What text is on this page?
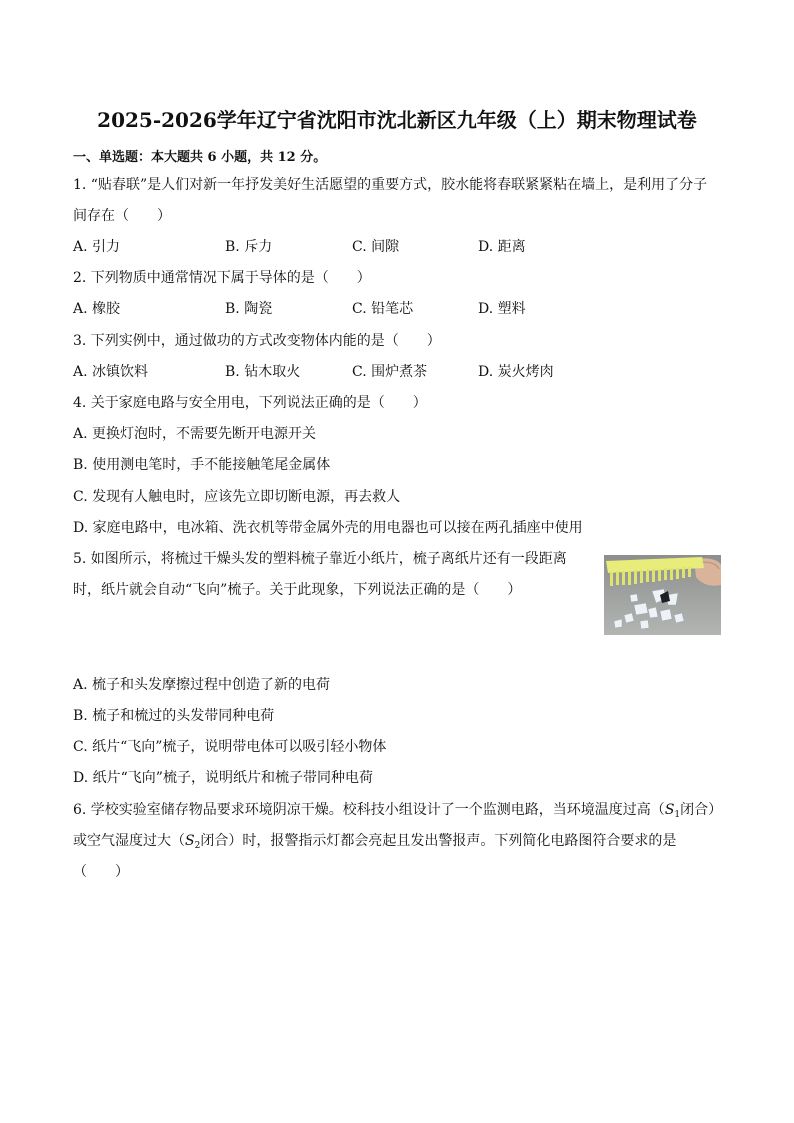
2025-2026学年辽宁省沈阳市沈北新区九年级（上）期末物理试卷
一、单选题：本大题共 6 小题，共 12 分。
1. “贴春联”是人们对新一年抒发美好生活愿望的重要方式，胶水能将春联紧紧粘在墙上，是利用了分子
间存在（　　）
A. 引力	B. 斥力	C. 间隙	D. 距离
2. 下列物质中通常情况下属于导体的是（　　）
A. 橡胶	B. 陶瓷	C. 铅笔芯	D. 塑料
3. 下列实例中，通过做功的方式改变物体内能的是（　　）
A. 冰镇饮料	B. 钻木取火	C. 围炉煮茶	D. 炭火烤肉
4. 关于家庭电路与安全用电，下列说法正确的是（　　）
A. 更换灯泡时，不需要先断开电源开关
B. 使用测电笔时，手不能接触笔尾金属体
C. 发现有人触电时，应该先立即切断电源，再去救人
D. 家庭电路中，电冰箱、洗衣机等带金属外壳的用电器也可以接在两孔插座中使用
5. 如图所示，将梳过干燥头发的塑料梳子靠近小纸片，梳子离纸片还有一段距离
时，纸片就会自动“飞向”梳子。关于此现象，下列说法正确的是（　　）
A. 梳子和头发摩擦过程中创造了新的电荷
B. 梳子和梳过的头发带同种电荷
C. 纸片“飞向”梳子，说明带电体可以吸引轻小物体
D. 纸片“飞向”梳子，说明纸片和梳子带同种电荷
6. 学校实验室储存物品要求环境阴凉干燥。校科技小组设计了一个监测电路，当环境温度过高（$S_1$闭合）
或空气湿度过大（$S_2$闭合）时，报警指示灯都会亮起且发出警报声。下列简化电路图符合要求的是
（　　）
